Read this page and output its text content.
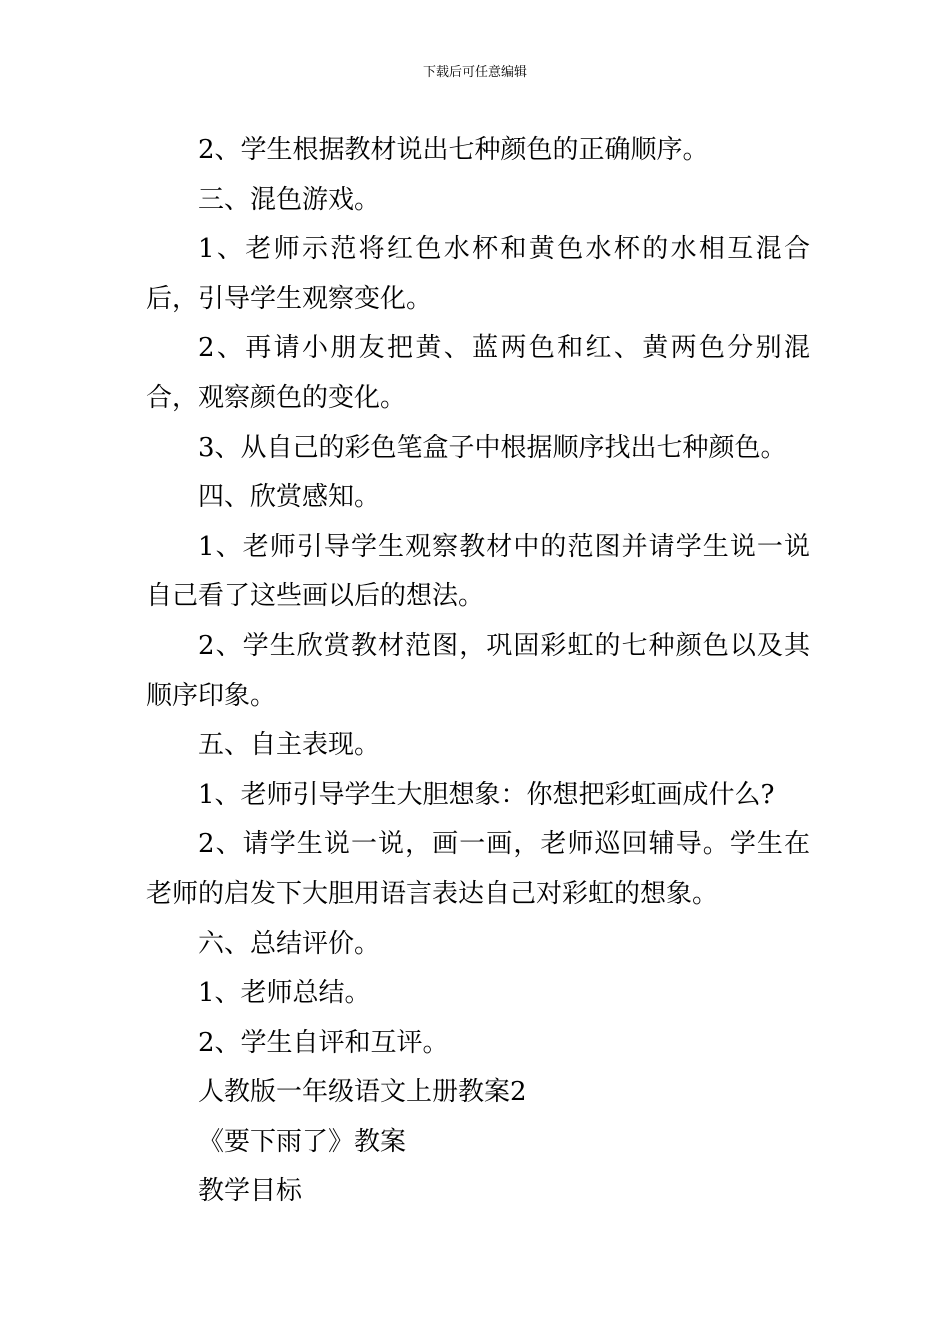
下载后可任意编辑

2、学生根据教材说出七种颜色的正确顺序。

三、混色游戏。

1、老师示范将红色水杯和黄色水杯的水相互混合后，引导学生观察变化。

2、再请小朋友把黄、蓝两色和红、黄两色分别混合，观察颜色的变化。

3、从自己的彩色笔盒子中根据顺序找出七种颜色。

四、欣赏感知。

1、老师引导学生观察教材中的范图并请学生说一说自己看了这些画以后的想法。

2、学生欣赏教材范图，巩固彩虹的七种颜色以及其顺序印象。

五、自主表现。

1、老师引导学生大胆想象：你想把彩虹画成什么?

2、请学生说一说，画一画，老师巡回辅导。学生在老师的启发下大胆用语言表达自己对彩虹的想象。

六、总结评价。

1、老师总结。

2、学生自评和互评。

人教版一年级语文上册教案2

《要下雨了》教案

教学目标
